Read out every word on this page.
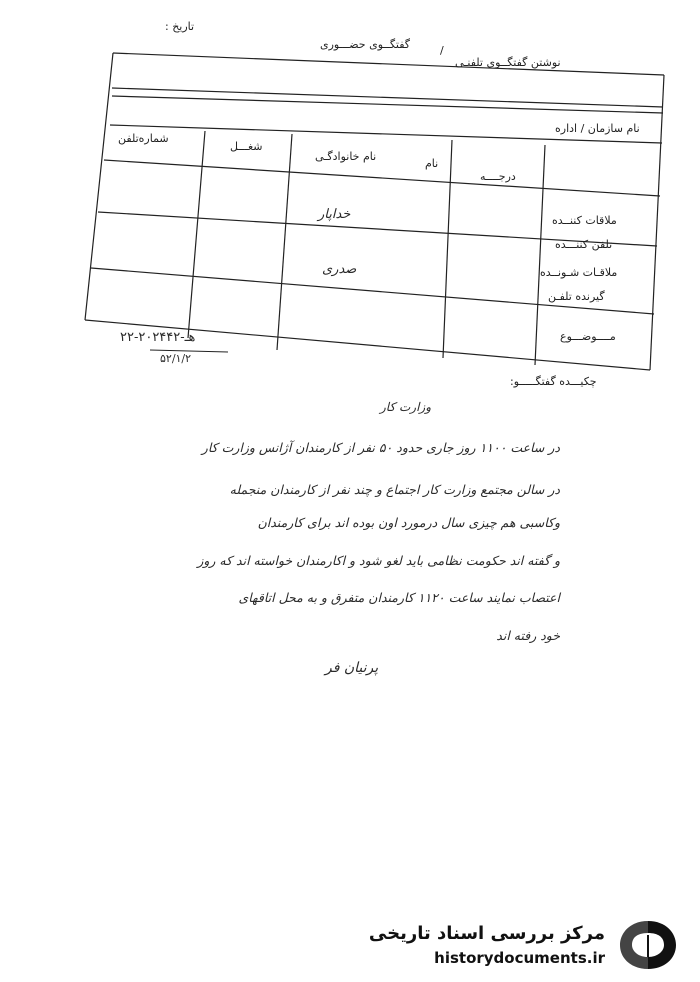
تاریخ :
گفتگــوی حضـــوری	/
نوشتن گفتگــوی تلفنـی
نام سازمان / اداره
درجــــه
نام
نام خانوادگـی
شغـــل
شماره‌تلفن
ملاقات کننــده
تلفن کننـــده
ملاقـات شـونــده
گیرنده تلفـن
مــــوضـــوع
خداپار
صدری
۲۲-۲۰هـ-۲۴۴۲
۵۲/۱/۲
چکیـــده گفتگـــــو:
وزارت کار
در ساعت ۱۱۰۰ روز جاری حدود ۵۰ نفر از کارمندان آژانس وزارت کار
در سالن مجتمع وزارت کار اجتماع و چند نفر از کارمندان منجمله
وکاسبی هم چیزی سال درمورد اون بوده اند برای کارمندان
و گفته اند حکومت نظامی باید لغو شود و اکارمندان خواسته اند که روز
اعتصاب نمایند ساعت ۱۱۲۰ کارمندان متفرق و به محل اتاقهای
خود رفته اند
پرنیان فر
مرکز بررسی اسناد تاریخی
historydocuments.ir
